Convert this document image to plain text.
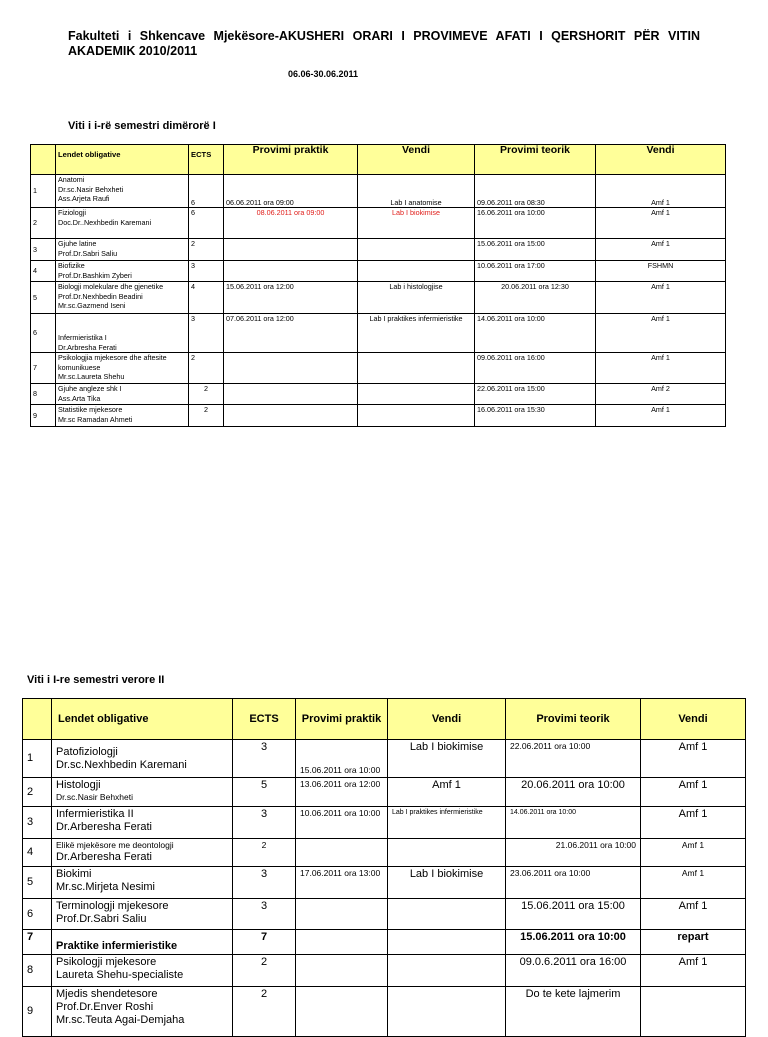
Fakulteti i Shkencave Mjekësore-AKUSHERI ORARI I PROVIMEVE AFATI I QERSHORIT PËR VITIN AKADEMIK 2010/2011
06.06-30.06.2011
Viti i i-rë semestri dimërorë I
	Lendet obligative	ECTS	Provimi praktik	Vendi	Provimi teorik	Vendi
1	Anatomi
Dr.sc.Nasir Behxheti
Ass.Arjeta Raufi	6	06.06.2011 ora 09:00	Lab I anatomise	09.06.2011 ora 08:30	Amf 1
2	Fiziologji
Doc.Dr..Nexhbedin Karemani	6	08.06.2011 ora 09:00	Lab I biokimise	16.06.2011 ora 10:00	Amf 1
3	Gjuhe latine
Prof.Dr.Sabri Saliu	2			15.06.2011 ora 15:00	Amf 1
4	Biofizike
Prof.Dr.Bashkim Zyberi	3			10.06.2011 ora 17:00	FSHMN
5	Biologji molekulare dhe gjenetike
Prof.Dr.Nexhbedin Beadini
Mr.sc.Gazmend Iseni	4	15.06.2011 ora 12:00	Lab i histologjise	20.06.2011 ora 12:30	Amf 1
6	Infermieristika I
Dr.Arbresha Ferati	3	07.06.2011 ora 12:00	Lab I praktikes infermieristike	14.06.2011 ora 10:00	Amf 1
7	Psikologjia mjekesore dhe aftesite komunikuese
Mr.sc.Laureta Shehu	2			09.06.2011 ora 16:00	Amf 1
8	Gjuhe angleze shk I
Ass.Arta Tika	2			22.06.2011 ora 15:00	Amf 2
9	Statistike mjekesore
Mr.sc Ramadan Ahmeti	2			16.06.2011 ora 15:30	Amf 1
Viti i I-re semestri verore II
	Lendet obligative	ECTS	Provimi praktik	Vendi	Provimi teorik	Vendi
1	Patofiziologji
Dr.sc.Nexhbedin Karemani	3	15.06.2011 ora 10:00	Lab I biokimise	22.06.2011 ora 10:00	Amf 1
2	Histologji
Dr.sc.Nasir Behxheti	5	13.06.2011 ora 12:00	Amf 1	20.06.2011 ora 10:00	Amf 1
3	Infermieristika II
Dr.Arberesha Ferati	3	10.06.2011 ora 10:00	Lab I praktikes infermieristike	14.06.2011 ora 10:00	Amf 1
4	Elikë mjekësore me deontologji
Dr.Arberesha Ferati	2			21.06.2011 ora 10:00	Amf 1
5	Biokimi
Mr.sc.Mirjeta Nesimi	3	17.06.2011 ora 13:00	Lab I biokimise	23.06.2011 ora 10:00	Amf 1
6	Terminologji mjekesore
Prof.Dr.Sabri Saliu	3			15.06.2011 ora 15:00	Amf 1
7	Praktike infermieristike	7			15.06.2011 ora 10:00	repart
8	Psikologji mjekesore
Laureta Shehu-specialiste	2			09.0.6.2011 ora 16:00	Amf 1
9	Mjedis shendetesore
Prof.Dr.Enver Roshi
Mr.sc.Teuta Agai-Demjaha	2			Do te kete lajmerim	
